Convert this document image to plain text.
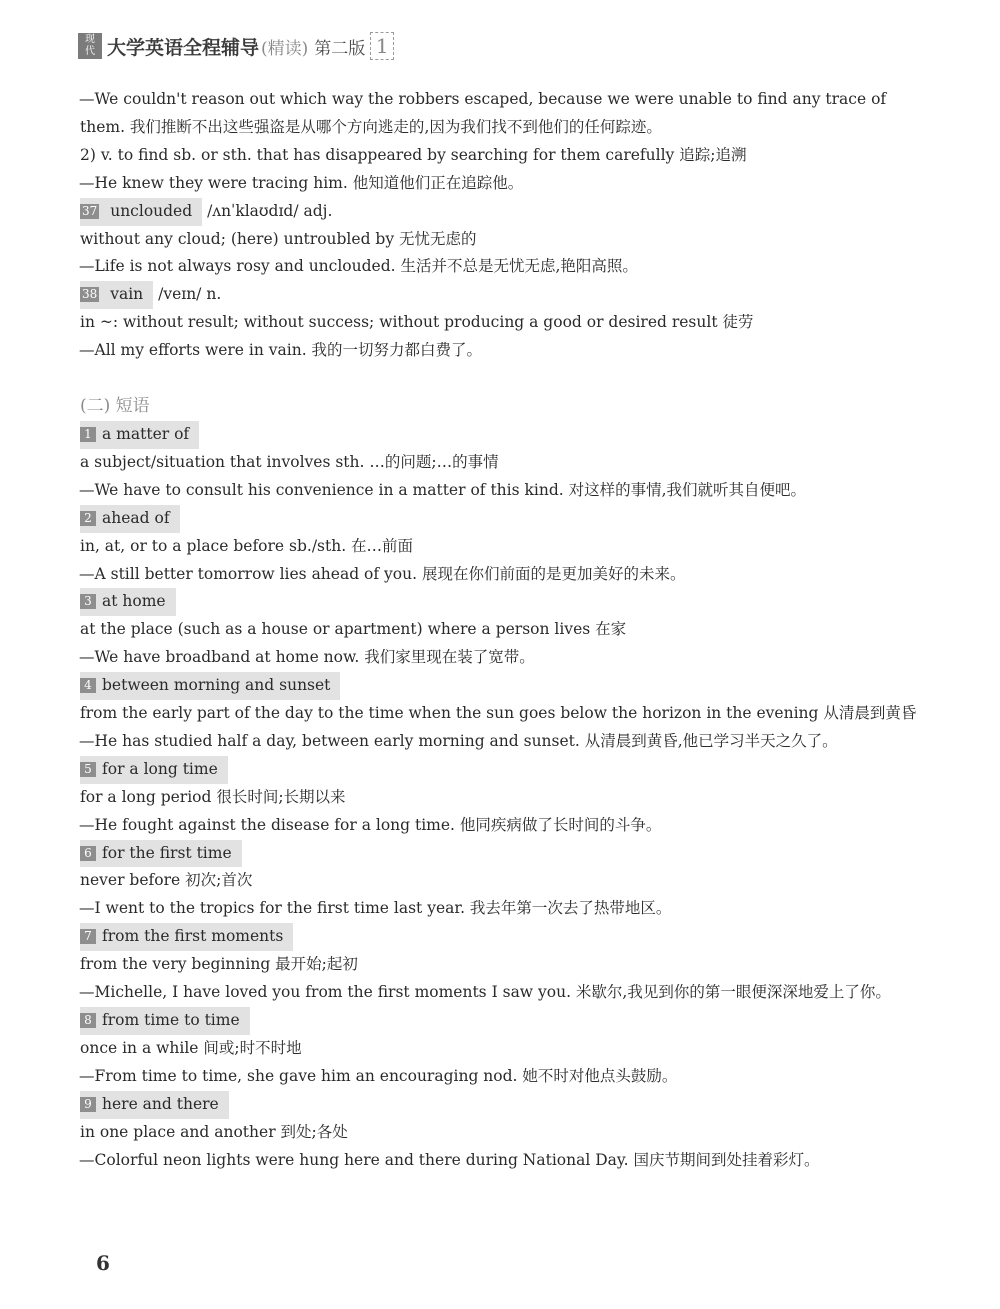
现
代 大学英语全程辅导 (精读) 第二版 1

—We couldn't reason out which way the robbers escaped, because we were unable to find any trace of them. 我们推断不出这些强盗是从哪个方向逃走的,因为我们找不到他们的任何踪迹。

2) v. to find sb. or sth. that has disappeared by searching for them carefully 追踪;追溯

—He knew they were tracing him. 他知道他们正在追踪他。

37 unclouded /ʌnˈklaʊdɪd/ adj.

without any cloud; (here) untroubled by 无忧无虑的

—Life is not always rosy and unclouded. 生活并不总是无忧无虑,艳阳高照。

38 vain /veɪn/ n.

in ~: without result; without success; without producing a good or desired result 徒劳

—All my efforts were in vain. 我的一切努力都白费了。

(二) 短语

1 a matter of

a subject/situation that involves sth. …的问题;…的事情

—We have to consult his convenience in a matter of this kind. 对这样的事情,我们就听其自便吧。

2 ahead of

in, at, or to a place before sb./sth. 在…前面

—A still better tomorrow lies ahead of you. 展现在你们前面的是更加美好的未来。

3 at home

at the place (such as a house or apartment) where a person lives 在家

—We have broadband at home now. 我们家里现在装了宽带。

4 between morning and sunset

from the early part of the day to the time when the sun goes below the horizon in the evening 从清晨到黄昏

—He has studied half a day, between early morning and sunset. 从清晨到黄昏,他已学习半天之久了。

5 for a long time

for a long period 很长时间;长期以来

—He fought against the disease for a long time. 他同疾病做了长时间的斗争。

6 for the first time

never before 初次;首次

—I went to the tropics for the first time last year. 我去年第一次去了热带地区。

7 from the first moments

from the very beginning 最开始;起初

—Michelle, I have loved you from the first moments I saw you. 米歇尔,我见到你的第一眼便深深地爱上了你。

8 from time to time

once in a while 间或;时不时地

—From time to time, she gave him an encouraging nod. 她不时对他点头鼓励。

9 here and there

in one place and another 到处;各处

—Colorful neon lights were hung here and there during National Day. 国庆节期间到处挂着彩灯。

6
